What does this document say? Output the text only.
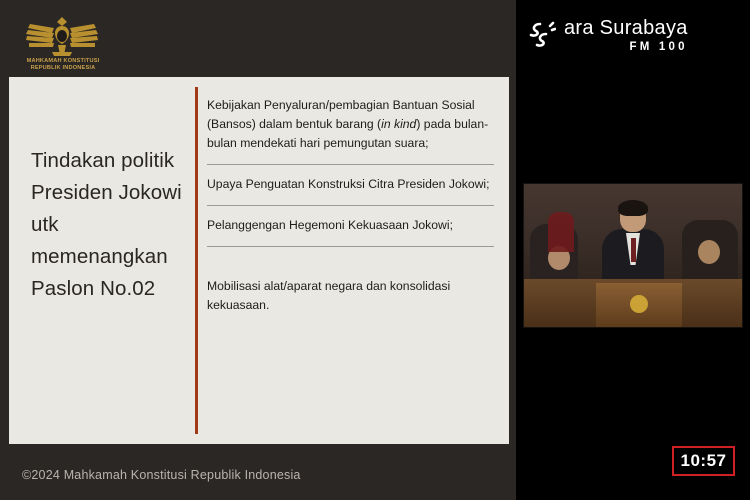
MAHKAMAH KONSTITUSI REPUBLIK INDONESIA
Tindakan politik Presiden Jokowi utk memenangkan Paslon No.02
Kebijakan Penyaluran/pembagian Bantuan Sosial (Bansos) dalam bentuk barang (in kind) pada bulan-bulan mendekati hari pemungutan suara;
Upaya Penguatan Konstruksi Citra Presiden Jokowi;
Pelanggengan Hegemoni Kekuasaan Jokowi;
Mobilisasi alat/aparat negara dan konsolidasi kekuasaan.
©2024 Mahkamah Konstitusi Republik Indonesia
ara Surabaya
FM 100
10:57
